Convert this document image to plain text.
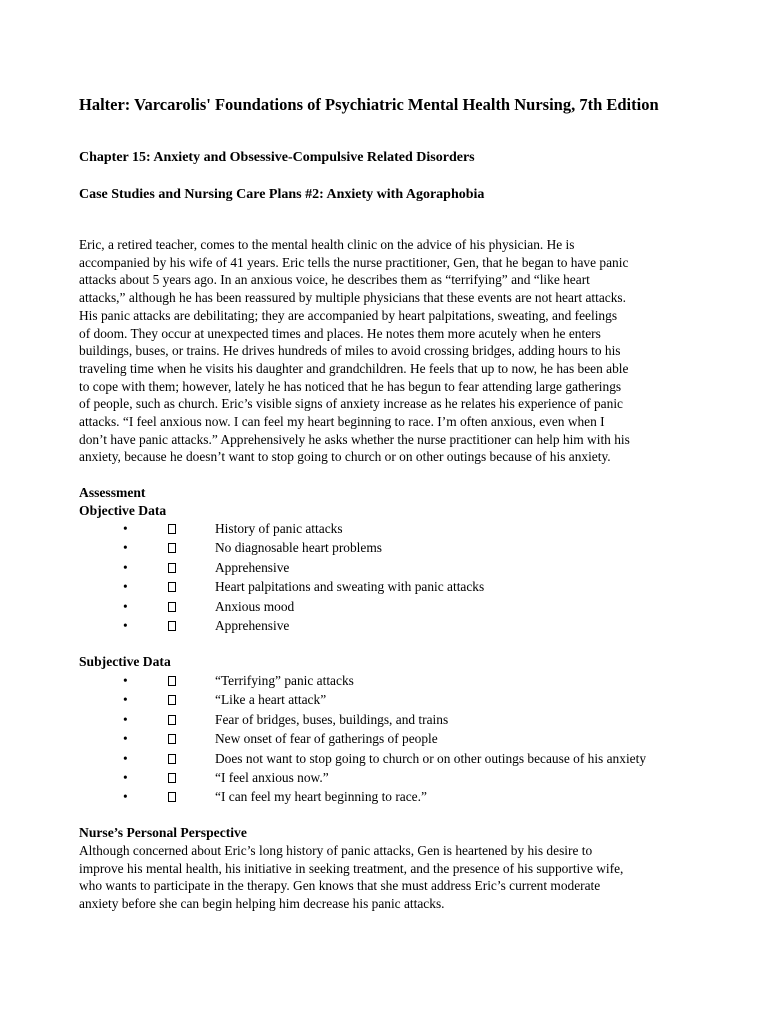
Halter: Varcarolis' Foundations of Psychiatric Mental Health Nursing, 7th Edition
Chapter 15: Anxiety and Obsessive-Compulsive Related Disorders
Case Studies and Nursing Care Plans #2: Anxiety with Agoraphobia

Eric, a retired teacher, comes to the mental health clinic on the advice of his physician. He is
accompanied by his wife of 41 years. Eric tells the nurse practitioner, Gen, that he began to have panic
attacks about 5 years ago. In an anxious voice, he describes them as “terrifying” and “like heart
attacks,” although he has been reassured by multiple physicians that these events are not heart attacks.
His panic attacks are debilitating; they are accompanied by heart palpitations, sweating, and feelings
of doom. They occur at unexpected times and places. He notes them more acutely when he enters
buildings, buses, or trains. He drives hundreds of miles to avoid crossing bridges, adding hours to his
traveling time when he visits his daughter and grandchildren. He feels that up to now, he has been able
to cope with them; however, lately he has noticed that he has begun to fear attending large gatherings
of people, such as church. Eric’s visible signs of anxiety increase as he relates his experience of panic
attacks. “I feel anxious now. I can feel my heart beginning to race. I’m often anxious, even when I
don’t have panic attacks.” Apprehensively he asks whether the nurse practitioner can help him with his
anxiety, because he doesn’t want to stop going to church or on other outings because of his anxiety.

Assessment
Objective Data
•	History of panic attacks
•	No diagnosable heart problems
•	Apprehensive
•	Heart palpitations and sweating with panic attacks
•	Anxious mood
•	Apprehensive
Subjective Data
•	“Terrifying” panic attacks
•	“Like a heart attack”
•	Fear of bridges, buses, buildings, and trains
•	New onset of fear of gatherings of people
•	Does not want to stop going to church or on other outings because of his anxiety
•	“I feel anxious now.”
•	“I can feel my heart beginning to race.”
Nurse’s Personal Perspective

Although concerned about Eric’s long history of panic attacks, Gen is heartened by his desire to
improve his mental health, his initiative in seeking treatment, and the presence of his supportive wife,
who wants to participate in the therapy. Gen knows that she must address Eric’s current moderate
anxiety before she can begin helping him decrease his panic attacks.
